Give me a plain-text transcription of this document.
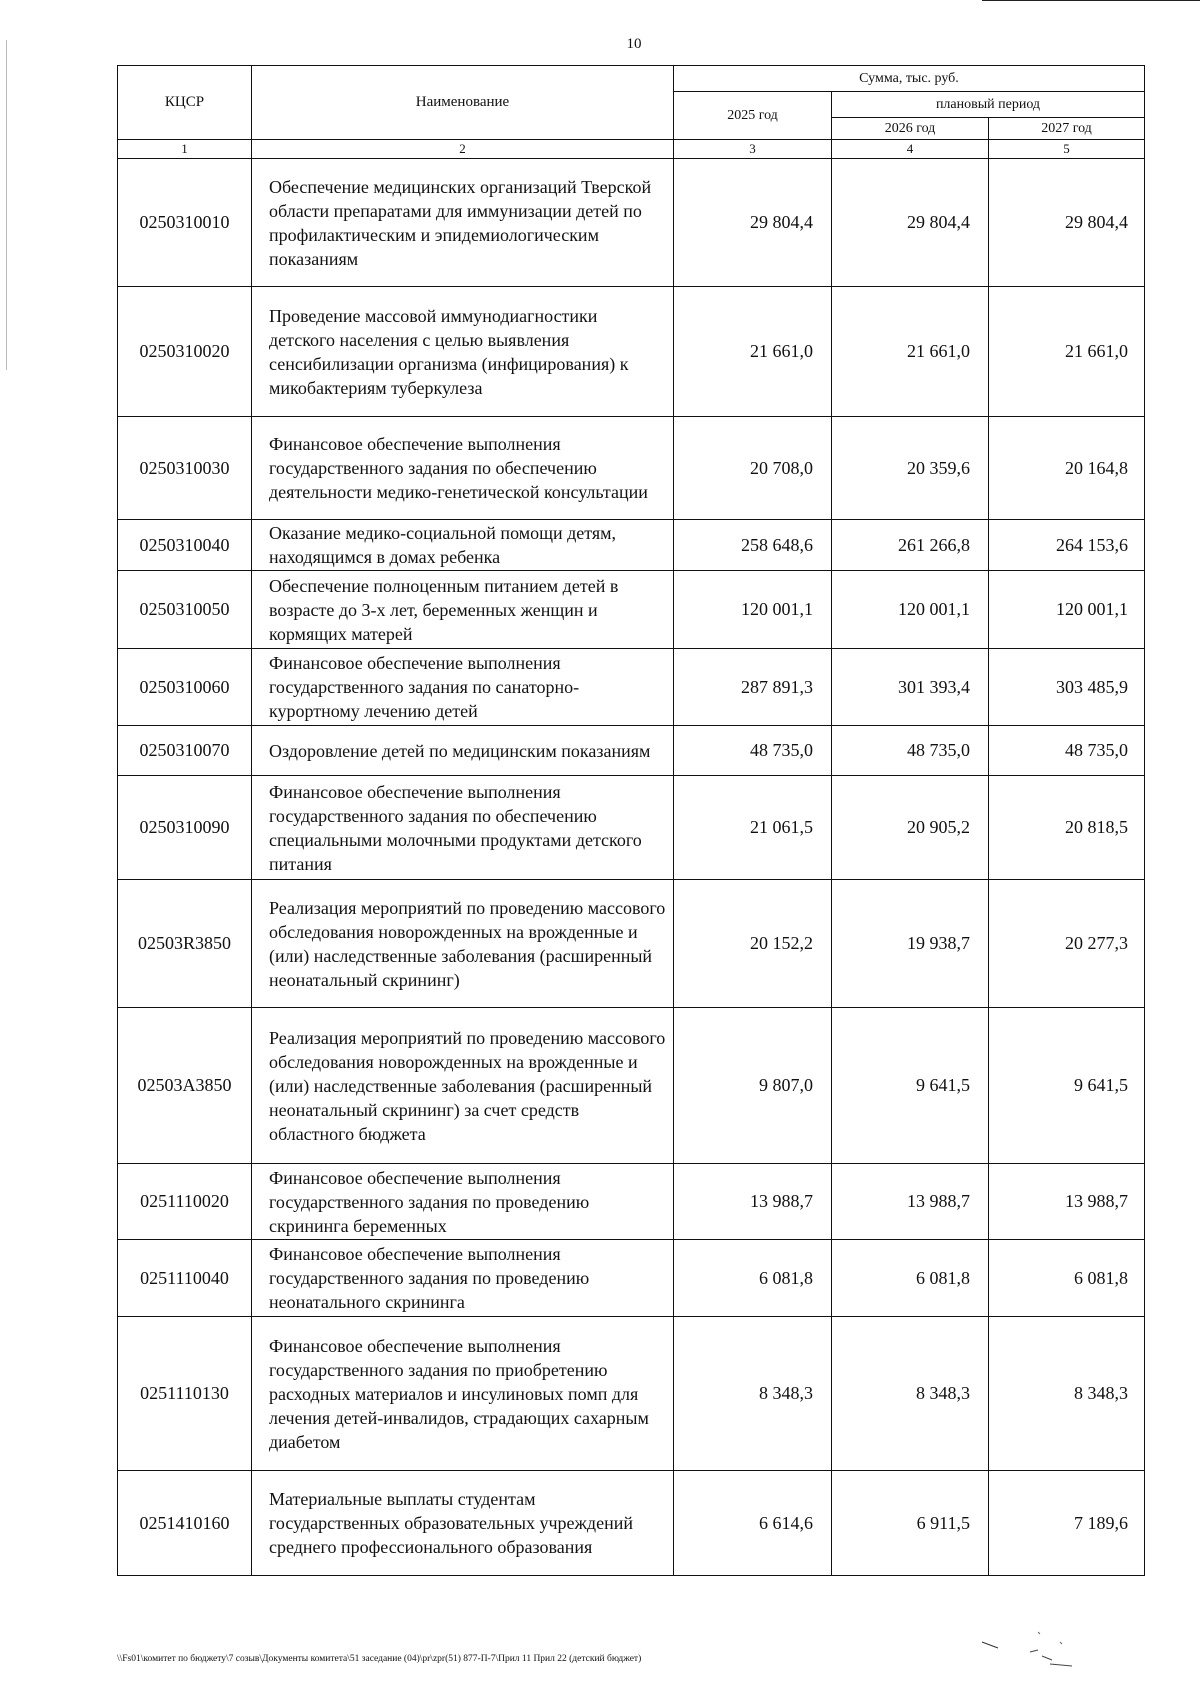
10
КЦСР	Наименование	Сумма, тыс. руб.		
		2025 год	плановый период	
			2026 год	2027 год
1	2	3	4	5
0250310010	Обеспечение медицинских организаций Тверской области препаратами для иммунизации детей по профилактическим и эпидемиологическим показаниям	29 804,4	29 804,4	29 804,4
0250310020	Проведение массовой иммунодиагностики детского населения с целью выявления сенсибилизации организма (инфицирования) к микобактериям туберкулеза	21 661,0	21 661,0	21 661,0
0250310030	Финансовое обеспечение выполнения государственного задания по обеспечению деятельности медико-генетической консультации	20 708,0	20 359,6	20 164,8
0250310040	Оказание медико-социальной помощи детям, находящимся в домах ребенка	258 648,6	261 266,8	264 153,6
0250310050	Обеспечение полноценным питанием детей в возрасте до 3-х лет, беременных женщин и кормящих матерей	120 001,1	120 001,1	120 001,1
0250310060	Финансовое обеспечение выполнения государственного задания по санаторно-курортному лечению детей	287 891,3	301 393,4	303 485,9
0250310070	Оздоровление детей по медицинским показаниям	48 735,0	48 735,0	48 735,0
0250310090	Финансовое обеспечение выполнения государственного задания по обеспечению специальными молочными продуктами детского питания	21 061,5	20 905,2	20 818,5
02503R3850	Реализация мероприятий по проведению массового обследования новорожденных на врожденные и (или) наследственные заболевания (расширенный неонатальный скрининг)	20 152,2	19 938,7	20 277,3
02503A3850	Реализация мероприятий по проведению массового обследования новорожденных на врожденные и (или) наследственные заболевания (расширенный неонатальный скрининг) за счет средств областного бюджета	9 807,0	9 641,5	9 641,5
0251110020	Финансовое обеспечение выполнения государственного задания по проведению скрининга беременных	13 988,7	13 988,7	13 988,7
0251110040	Финансовое обеспечение выполнения государственного задания по проведению неонатального скрининга	6 081,8	6 081,8	6 081,8
0251110130	Финансовое обеспечение выполнения государственного задания по приобретению расходных материалов и инсулиновых помп для лечения детей-инвалидов, страдающих сахарным диабетом	8 348,3	8 348,3	8 348,3
0251410160	Материальные выплаты студентам государственных образовательных учреждений среднего профессионального образования	6 614,6	6 911,5	7 189,6
\\Fs01\комитет по бюджету\7 созыв\Документы комитета\51 заседание (04)\pr\zpr(51) 877-П-7\Прил 11 Прил 22 (детский бюджет)
